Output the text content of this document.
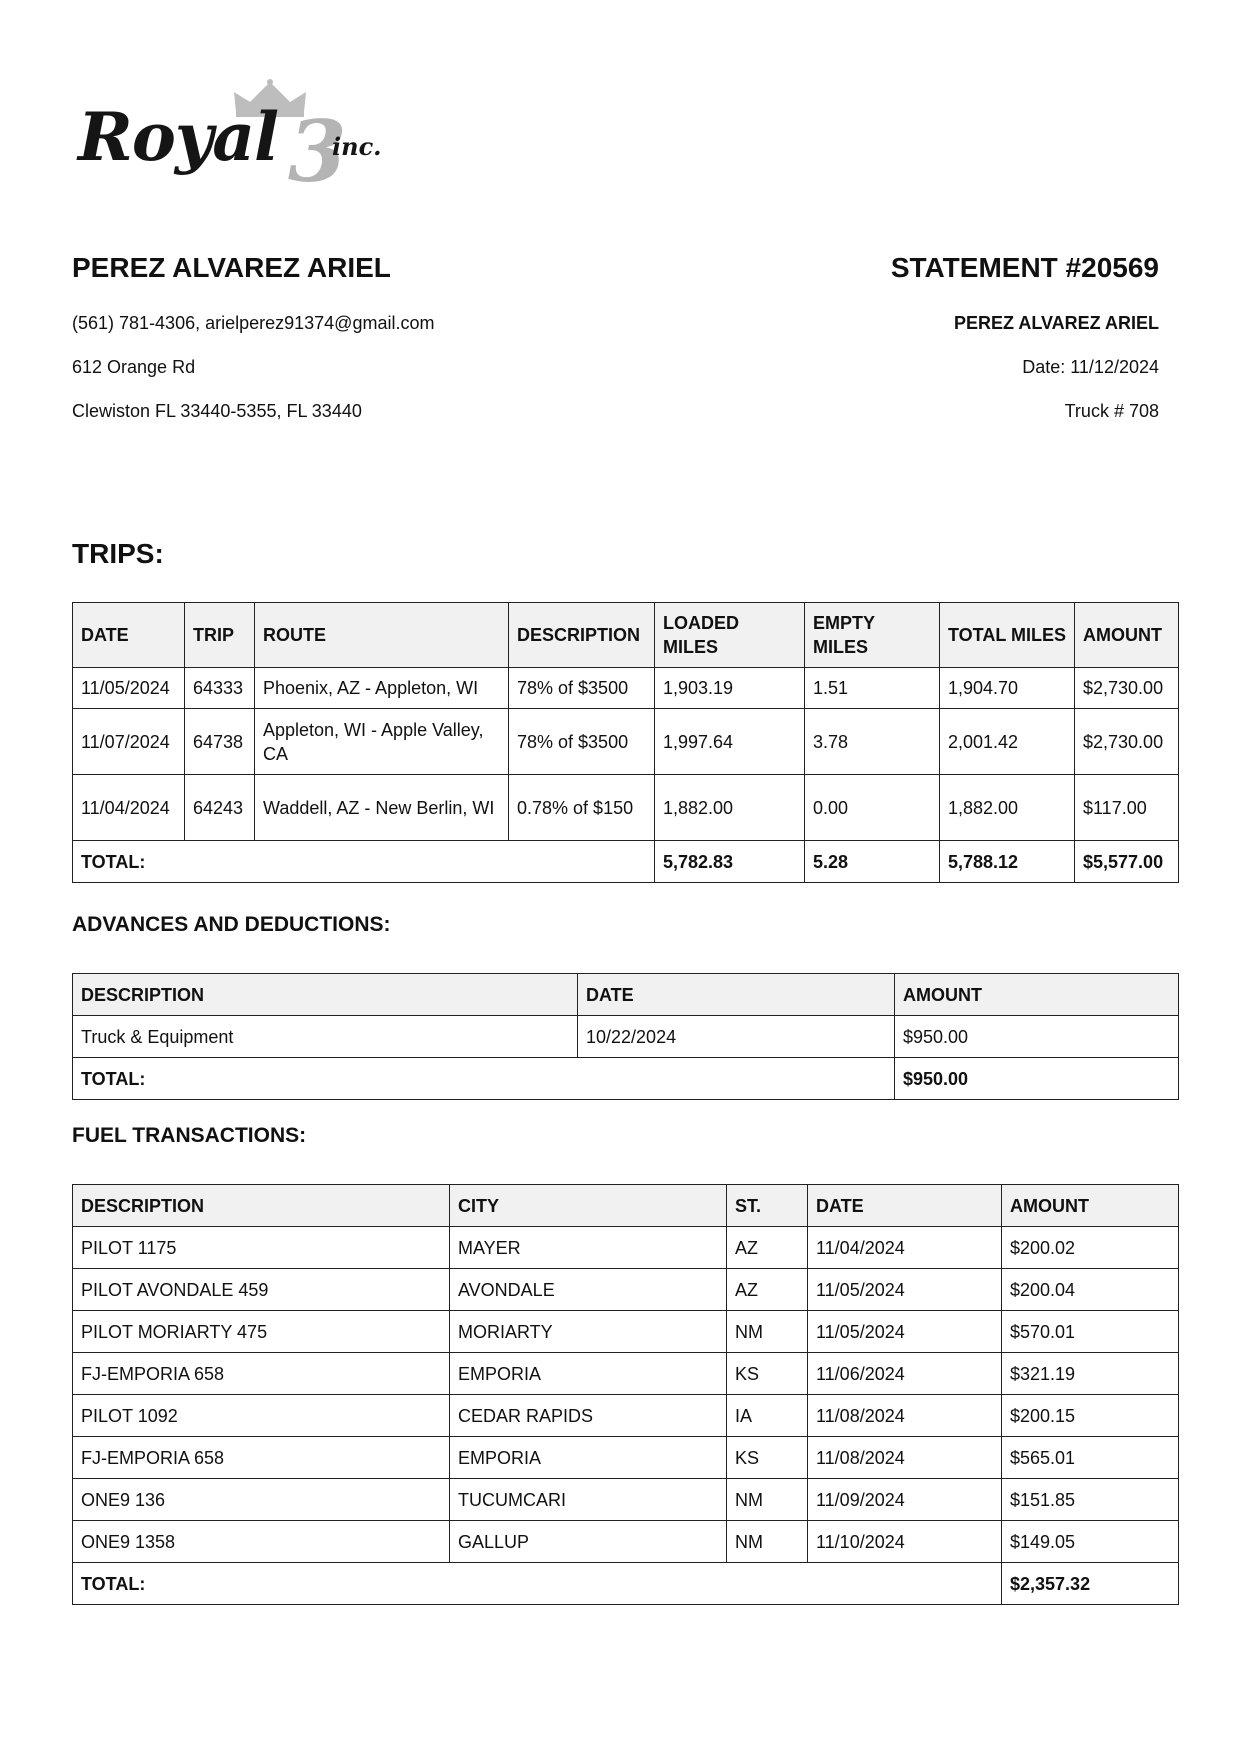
Royal 3
inc.
PEREZ ALVAREZ ARIEL
(561) 781-4306, arielperez91374@gmail.com
612 Orange Rd
Clewiston FL 33440-5355, FL 33440
STATEMENT #20569
PEREZ ALVAREZ ARIEL
Date: 11/12/2024
Truck # 708
TRIPS:
DATE	TRIP	ROUTE	DESCRIPTION	LOADED MILES	EMPTY MILES	TOTAL MILES	AMOUNT
11/05/2024	64333	Phoenix, AZ - Appleton, WI	78% of $3500	1,903.19	1.51	1,904.70	$2,730.00
11/07/2024	64738	Appleton, WI - Apple Valley, CA	78% of $3500	1,997.64	3.78	2,001.42	$2,730.00
11/04/2024	64243	Waddell, AZ - New Berlin, WI	0.78% of $150	1,882.00	0.00	1,882.00	$117.00
TOTAL:				5,782.83	5.28	5,788.12	$5,577.00
ADVANCES AND DEDUCTIONS:
DESCRIPTION	DATE	AMOUNT
Truck & Equipment	10/22/2024	$950.00
TOTAL:		$950.00
FUEL TRANSACTIONS:
DESCRIPTION	CITY	ST.	DATE	AMOUNT
PILOT 1175	MAYER	AZ	11/04/2024	$200.02
PILOT AVONDALE 459	AVONDALE	AZ	11/05/2024	$200.04
PILOT MORIARTY 475	MORIARTY	NM	11/05/2024	$570.01
FJ-EMPORIA 658	EMPORIA	KS	11/06/2024	$321.19
PILOT 1092	CEDAR RAPIDS	IA	11/08/2024	$200.15
FJ-EMPORIA 658	EMPORIA	KS	11/08/2024	$565.01
ONE9 136	TUCUMCARI	NM	11/09/2024	$151.85
ONE9 1358	GALLUP	NM	11/10/2024	$149.05
TOTAL:				$2,357.32
